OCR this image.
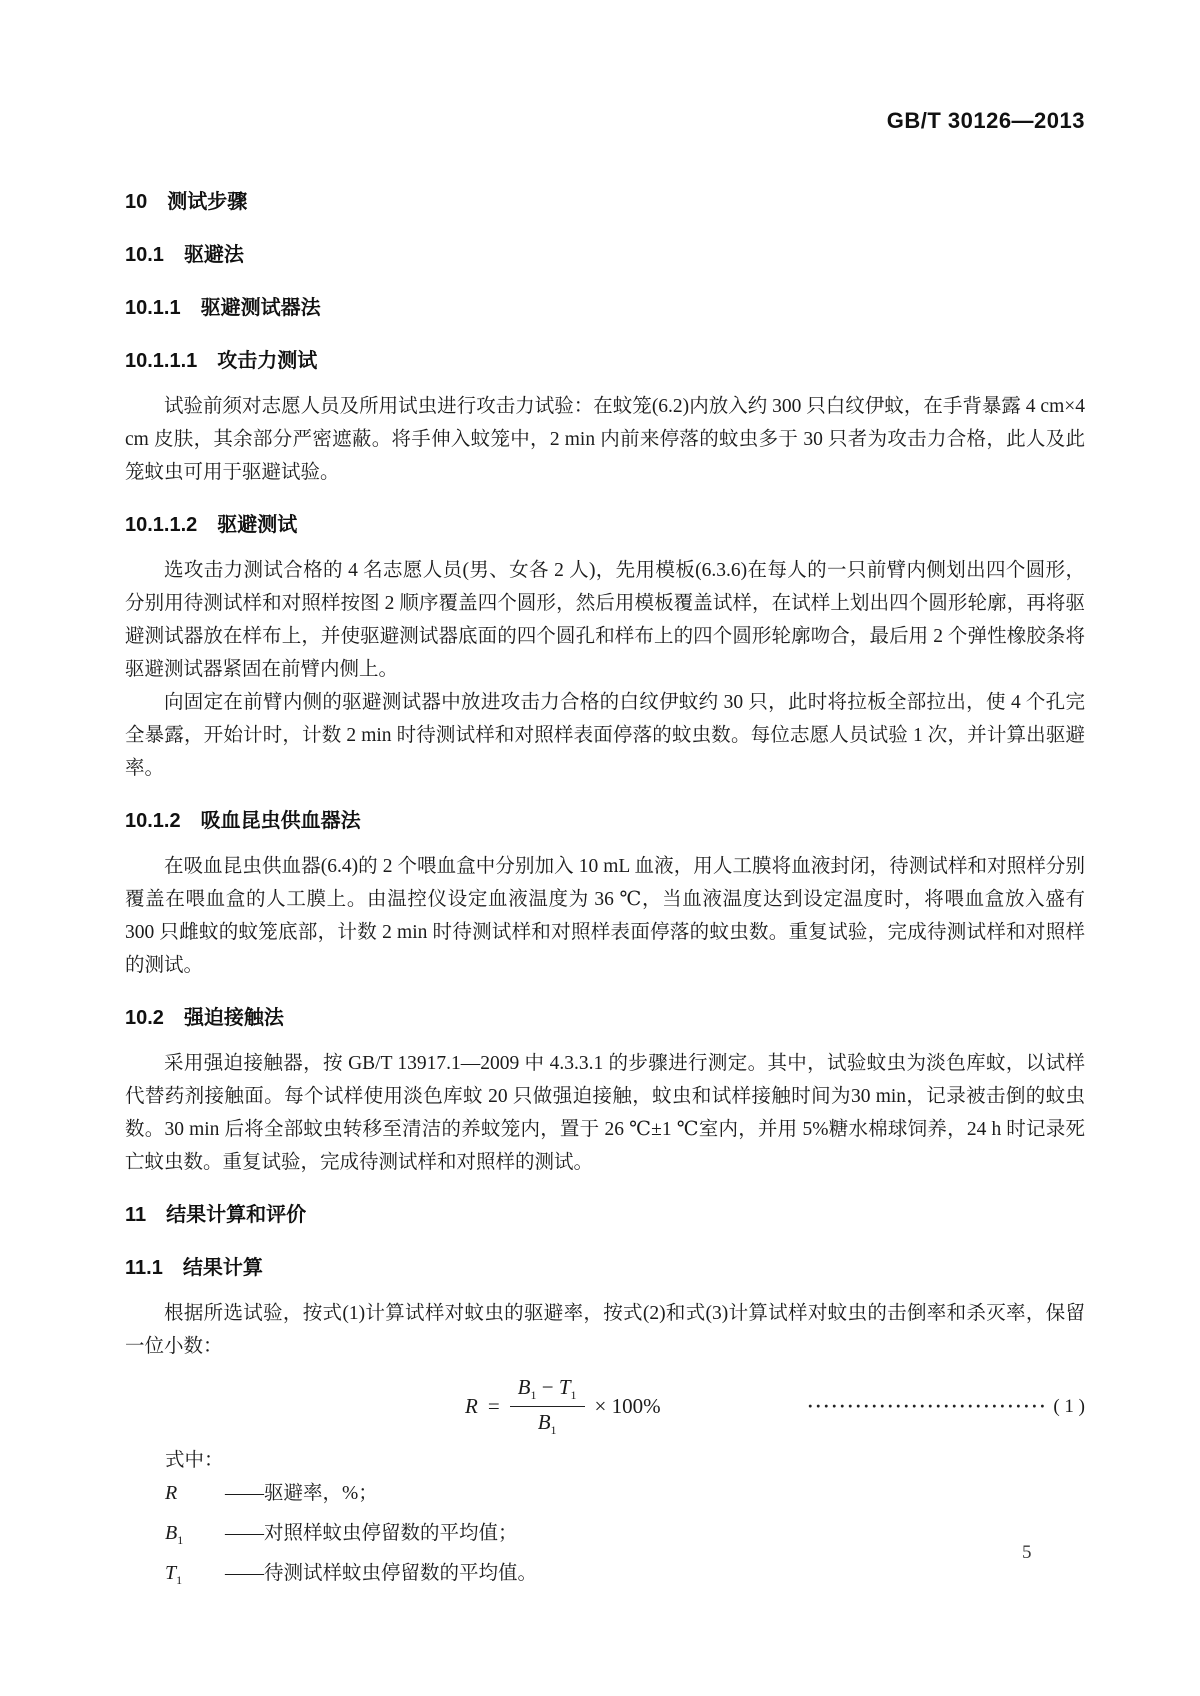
GB/T 30126—2013
10 测试步骤
10.1 驱避法
10.1.1 驱避测试器法
10.1.1.1 攻击力测试

试验前须对志愿人员及所用试虫进行攻击力试验：在蚊笼(6.2)内放入约 300 只白纹伊蚊，在手背暴露 4 cm×4 cm 皮肤，其余部分严密遮蔽。将手伸入蚊笼中，2 min 内前来停落的蚊虫多于 30 只者为攻击力合格，此人及此笼蚊虫可用于驱避试验。

10.1.1.2 驱避测试

选攻击力测试合格的 4 名志愿人员(男、女各 2 人)，先用模板(6.3.6)在每人的一只前臂内侧划出四个圆形，分别用待测试样和对照样按图 2 顺序覆盖四个圆形，然后用模板覆盖试样，在试样上划出四个圆形轮廓，再将驱避测试器放在样布上，并使驱避测试器底面的四个圆孔和样布上的四个圆形轮廓吻合，最后用 2 个弹性橡胶条将驱避测试器紧固在前臂内侧上。

向固定在前臂内侧的驱避测试器中放进攻击力合格的白纹伊蚊约 30 只，此时将拉板全部拉出，使 4 个孔完全暴露，开始计时，计数 2 min 时待测试样和对照样表面停落的蚊虫数。每位志愿人员试验 1 次，并计算出驱避率。

10.1.2 吸血昆虫供血器法

在吸血昆虫供血器(6.4)的 2 个喂血盒中分别加入 10 mL 血液，用人工膜将血液封闭，待测试样和对照样分别覆盖在喂血盒的人工膜上。由温控仪设定血液温度为 36 ℃，当血液温度达到设定温度时，将喂血盒放入盛有 300 只雌蚊的蚊笼底部，计数 2 min 时待测试样和对照样表面停落的蚊虫数。重复试验，完成待测试样和对照样的测试。

10.2 强迫接触法

采用强迫接触器，按 GB/T 13917.1—2009 中 4.3.3.1 的步骤进行测定。其中，试验蚊虫为淡色库蚊，以试样代替药剂接触面。每个试样使用淡色库蚊 20 只做强迫接触，蚊虫和试样接触时间为30 min，记录被击倒的蚊虫数。30 min 后将全部蚊虫转移至清洁的养蚊笼内，置于 26 ℃±1 ℃室内，并用 5%糖水棉球饲养，24 h 时记录死亡蚊虫数。重复试验，完成待测试样和对照样的测试。

11 结果计算和评价
11.1 结果计算

根据所选试验，按式(1)计算试样对蚊虫的驱避率，按式(2)和式(3)计算试样对蚊虫的击倒率和杀灭率，保留一位小数：

$R = \frac{B_1 - T_1}{B_1} \times 100\%$	······························ ( 1 )
式中：
R	——驱避率，%；
$B_1$	——对照样蚊虫停留数的平均值；
$T_1$	——待测试样蚊虫停留数的平均值。
5
